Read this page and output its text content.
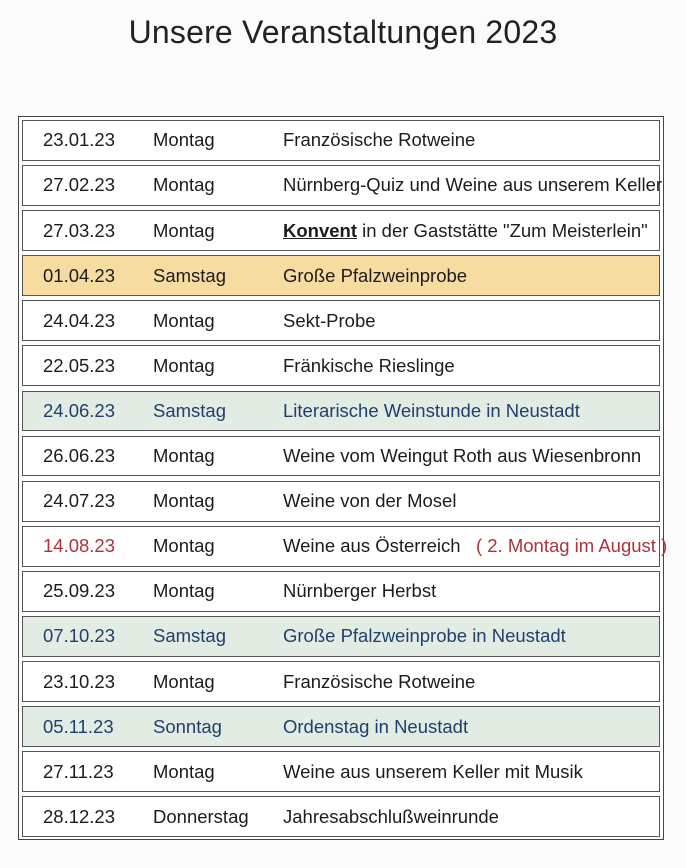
Unsere Veranstaltungen 2023
23.01.23 Montag	Französische Rotweine
27.02.23 Montag	Nürnberg-Quiz und Weine aus unserem Keller
27.03.23 Montag	Konvent in der Gaststätte "Zum Meisterlein"
01.04.23 Samstag	Große Pfalzweinprobe
24.04.23 Montag	Sekt-Probe
22.05.23 Montag	Fränkische Rieslinge
24.06.23 Samstag	Literarische Weinstunde in Neustadt
26.06.23 Montag	Weine vom Weingut Roth aus Wiesenbronn
24.07.23 Montag	Weine von der Mosel
14.08.23 Montag	Weine aus Österreich ( 2. Montag im August )
25.09.23 Montag	Nürnberger Herbst
07.10.23 Samstag	Große Pfalzweinprobe in Neustadt
23.10.23 Montag	Französische Rotweine
05.11.23 Sonntag	Ordenstag in Neustadt
27.11.23 Montag	Weine aus unserem Keller mit Musik
28.12.23 Donnerstag Jahresabschlußweinrunde
